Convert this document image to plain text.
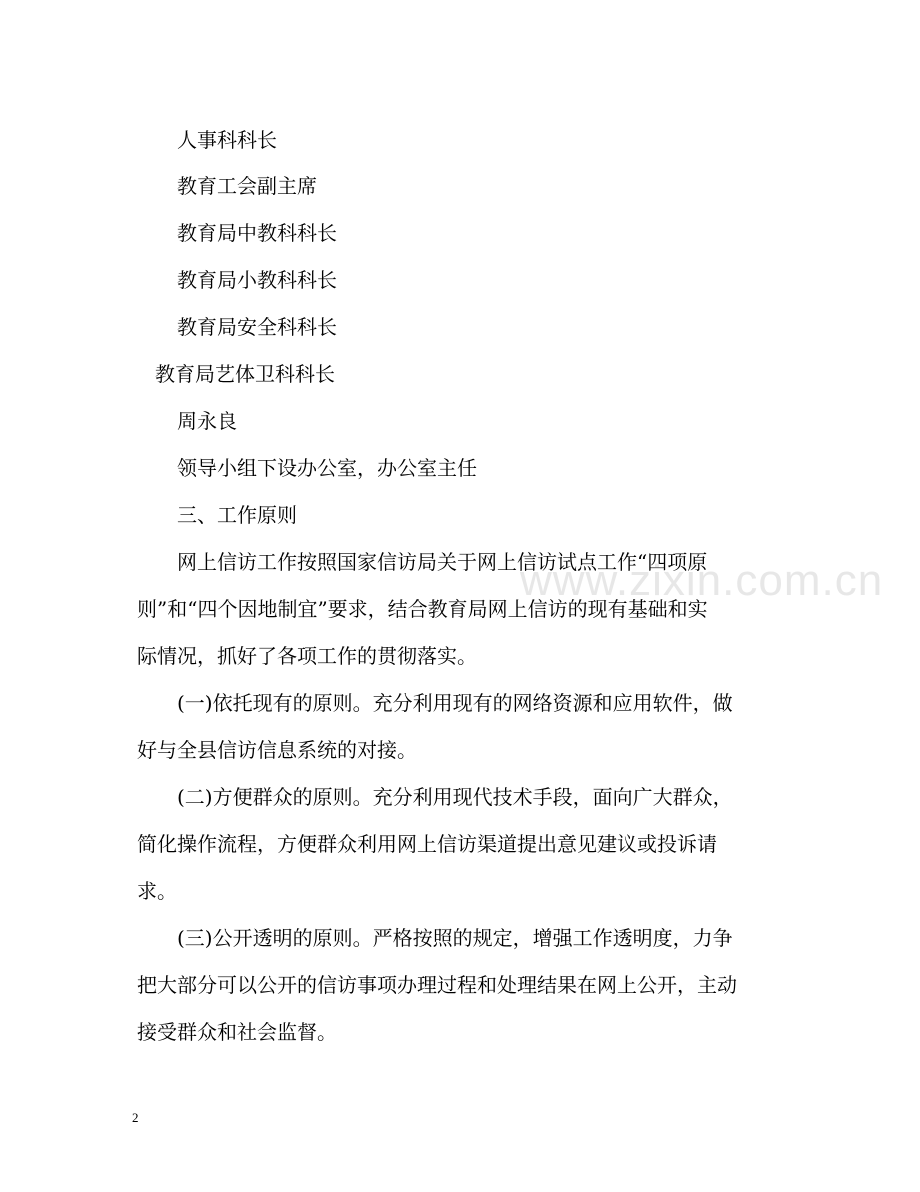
www.zixin.com.cn
人事科科长
教育工会副主席
教育局中教科科长
教育局小教科科长
教育局安全科科长
教育局艺体卫科科长
周永良
领导小组下设办公室，办公室主任
三、工作原则
网上信访工作按照国家信访局关于网上信访试点工作“四项原
则”和“四个因地制宜”要求，结合教育局网上信访的现有基础和实
际情况，抓好了各项工作的贯彻落实。
(一)依托现有的原则。充分利用现有的网络资源和应用软件，做
好与全县信访信息系统的对接。
(二)方便群众的原则。充分利用现代技术手段，面向广大群众，
简化操作流程，方便群众利用网上信访渠道提出意见建议或投诉请
求。
(三)公开透明的原则。严格按照的规定，增强工作透明度，力争
把大部分可以公开的信访事项办理过程和处理结果在网上公开，主动
接受群众和社会监督。
2
